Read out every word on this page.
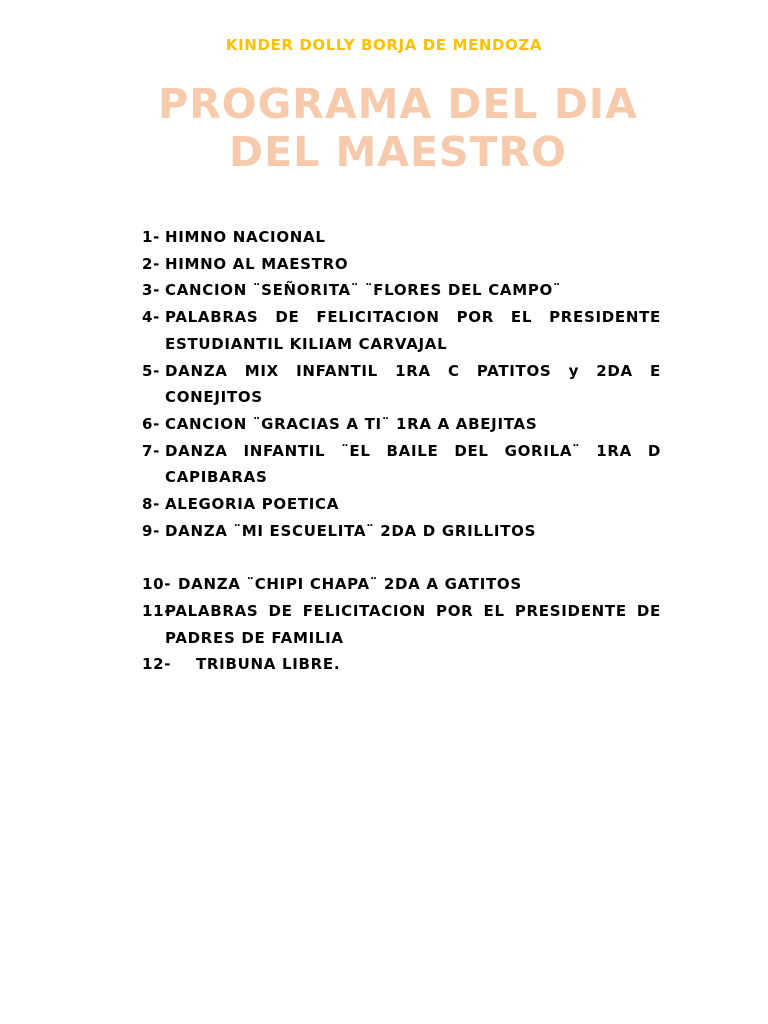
KINDER DOLLY BORJA DE MENDOZA
PROGRAMA DEL DIA
DEL MAESTRO
1- HIMNO NACIONAL
2- HIMNO AL MAESTRO
3- CANCION ¨SEÑORITA¨ ¨FLORES DEL CAMPO¨
4- PALABRAS DE FELICITACION POR EL PRESIDENTE ESTUDIANTIL KILIAM CARVAJAL
5- DANZA MIX INFANTIL 1RA C PATITOS y 2DA E CONEJITOS
6- CANCION ¨GRACIAS A TI¨ 1RA A ABEJITAS
7- DANZA INFANTIL ¨EL BAILE DEL GORILA¨ 1RA D CAPIBARAS
8- ALEGORIA POETICA
9- DANZA ¨MI ESCUELITA¨ 2DA D GRILLITOS
10- DANZA ¨CHIPI CHAPA¨ 2DA A GATITOS
11-
PALABRAS DE FELICITACION POR EL PRESIDENTE DE PADRES DE FAMILIA
12- TRIBUNA LIBRE.
